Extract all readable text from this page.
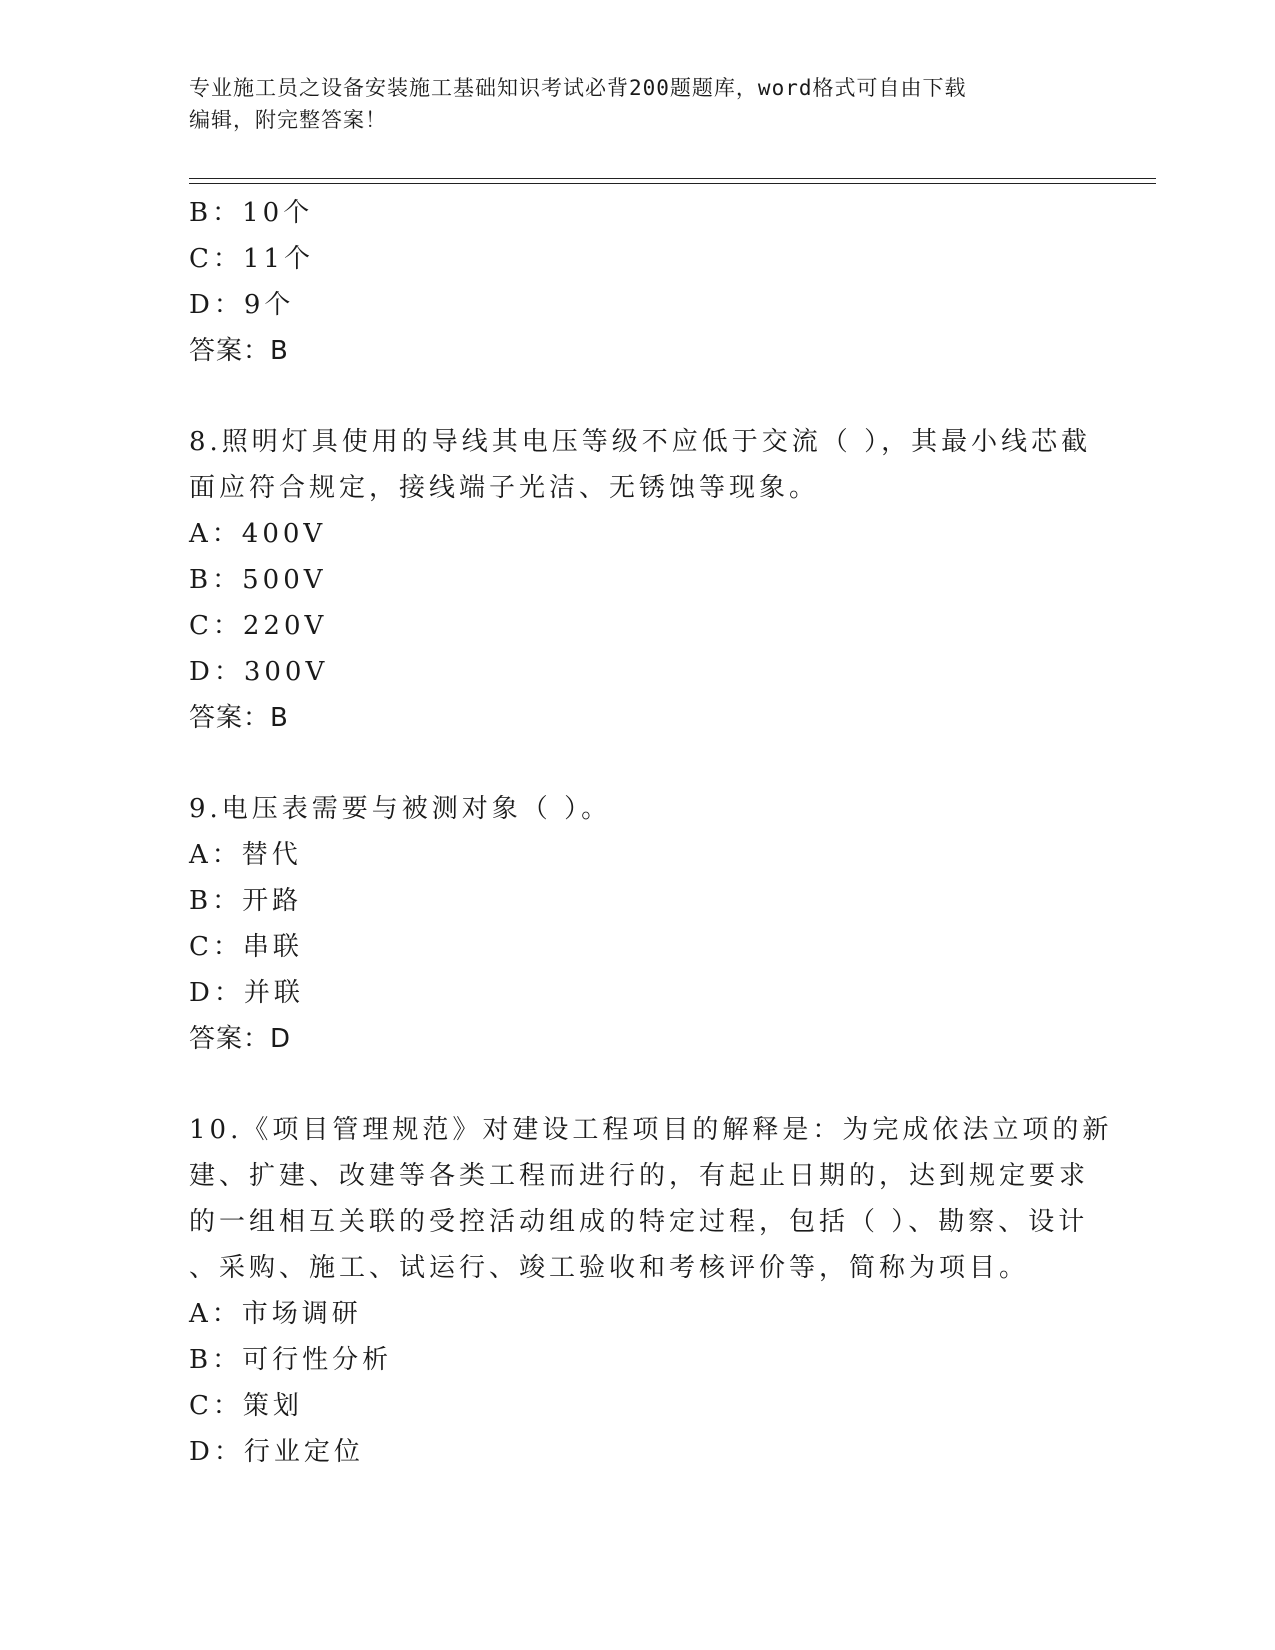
专业施工员之设备安装施工基础知识考试必背200题题库，word格式可自由下载
编辑，附完整答案！
B：10个
C：11个
D：9个
答案：B
8.照明灯具使用的导线其电压等级不应低于交流（ ），其最小线芯截
面应符合规定，接线端子光洁、无锈蚀等现象。
A：400V
B：500V
C：220V
D：300V
答案：B
9.电压表需要与被测对象（ ）。
A：替代
B：开路
C：串联
D：并联
答案：D
10.《项目管理规范》对建设工程项目的解释是：为完成依法立项的新
建、扩建、改建等各类工程而进行的，有起止日期的，达到规定要求
的一组相互关联的受控活动组成的特定过程，包括（ ）、勘察、设计
、采购、施工、试运行、竣工验收和考核评价等，简称为项目。
A：市场调研
B：可行性分析
C：策划
D：行业定位
